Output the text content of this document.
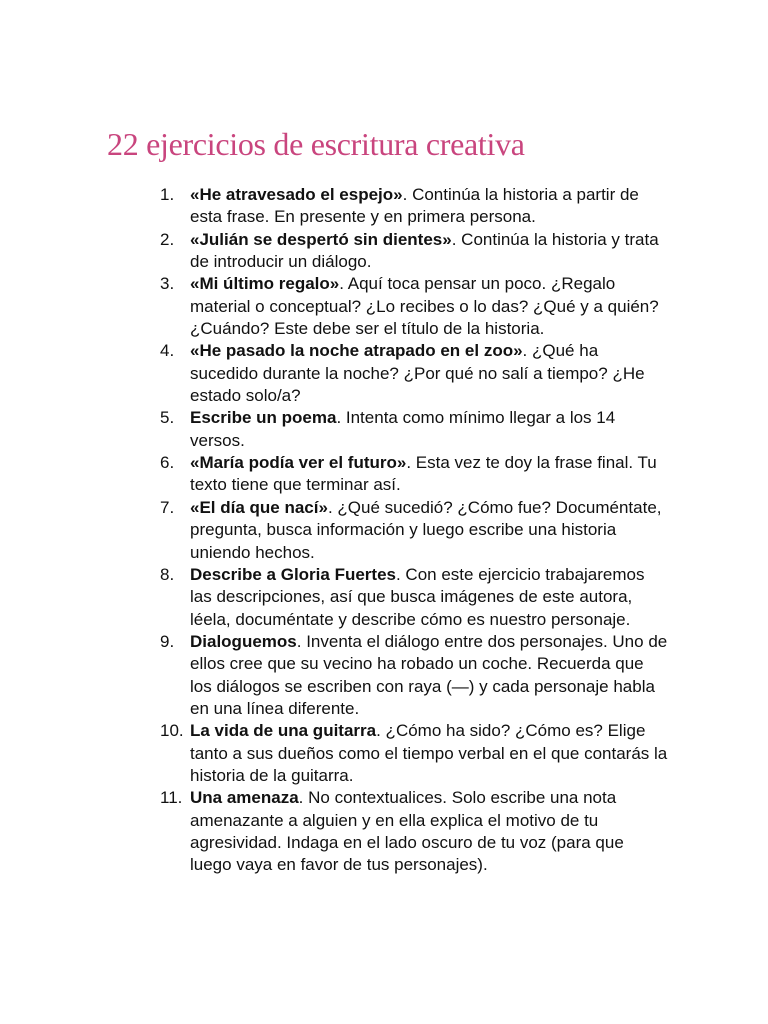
22 ejercicios de escritura creativa
1. «He atravesado el espejo». Continúa la historia a partir de esta frase. En presente y en primera persona.
2. «Julián se despertó sin dientes». Continúa la historia y trata de introducir un diálogo.
3. «Mi último regalo». Aquí toca pensar un poco. ¿Regalo material o conceptual? ¿Lo recibes o lo das? ¿Qué y a quién? ¿Cuándo? Este debe ser el título de la historia.
4. «He pasado la noche atrapado en el zoo». ¿Qué ha sucedido durante la noche? ¿Por qué no salí a tiempo? ¿He estado solo/a?
5. Escribe un poema. Intenta como mínimo llegar a los 14 versos.
6. «María podía ver el futuro». Esta vez te doy la frase final. Tu texto tiene que terminar así.
7. «El día que nací». ¿Qué sucedió? ¿Cómo fue? Documéntate, pregunta, busca información y luego escribe una historia uniendo hechos.
8. Describe a Gloria Fuertes. Con este ejercicio trabajaremos las descripciones, así que busca imágenes de este autora, léela, documéntate y describe cómo es nuestro personaje.
9. Dialoguemos. Inventa el diálogo entre dos personajes. Uno de ellos cree que su vecino ha robado un coche. Recuerda que los diálogos se escriben con raya (—) y cada personaje habla en una línea diferente.
10. La vida de una guitarra. ¿Cómo ha sido? ¿Cómo es? Elige tanto a sus dueños como el tiempo verbal en el que contarás la historia de la guitarra.
11. Una amenaza. No contextualices. Solo escribe una nota amenazante a alguien y en ella explica el motivo de tu agresividad. Indaga en el lado oscuro de tu voz (para que luego vaya en favor de tus personajes).
